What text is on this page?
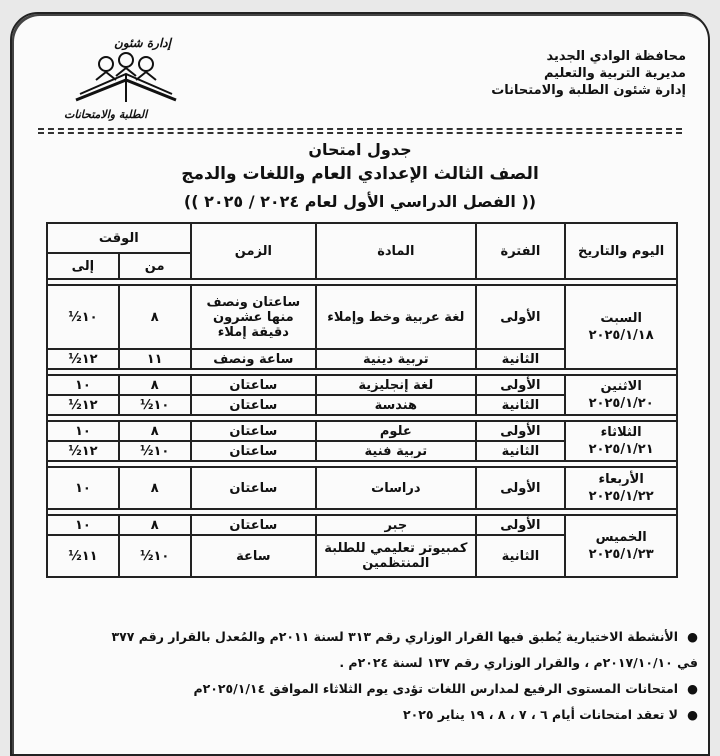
محافظة الوادي الجديد
مديرية التربية والتعليم
إدارة شئون الطلبة والامتحانات
إدارة شئون
الطلبة والامتحانات
جدول امتحان
الصف الثالث الإعدادي العام واللغات والدمج
(( الفصل الدراسي الأول لعام ٢٠٢٤ / ٢٠٢٥ ))
اليوم والتاريخ	الفترة	المادة	الزمن	الوقت	
				من	إلى

السبت
٢٠٢٥/١/١٨	الأولى	لغة عربية وخط وإملاء	ساعتان ونصف منها عشرون دقيقة إملاء	٨	١٠½
	الثانية	تربية دينية	ساعة ونصف	١١	١٢½

الاثنين
٢٠٢٥/١/٢٠	الأولى	لغة إنجليزية	ساعتان	٨	١٠
	الثانية	هندسة	ساعتان	١٠½	١٢½

الثلاثاء
٢٠٢٥/١/٢١	الأولى	علوم	ساعتان	٨	١٠
	الثانية	تربية فنية	ساعتان	١٠½	١٢½

الأربعاء
٢٠٢٥/١/٢٢	الأولى	دراسات	ساعتان	٨	١٠

الخميس
٢٠٢٥/١/٢٣	الأولى	جبر	ساعتان	٨	١٠
	الثانية	كمبيوتر تعليمي للطلبة المنتظمين	ساعة	١٠½	١١½
●
الأنشطة الاختيارية يُطبق فيها القرار الوزاري رقم ٣١٣ لسنة ٢٠١١م والمُعدل بالقرار رقم ٣٧٧
في ٢٠١٧/١٠/١٠م ، والقرار الوزاري رقم ١٣٧ لسنة ٢٠٢٤م .
●
امتحانات المستوى الرفيع لمدارس اللغات تؤدى يوم الثلاثاء الموافق ٢٠٢٥/١/١٤م
●
لا تعقد امتحانات أيام ٦ ، ٧ ، ٨ ، ١٩ يناير ٢٠٢٥
